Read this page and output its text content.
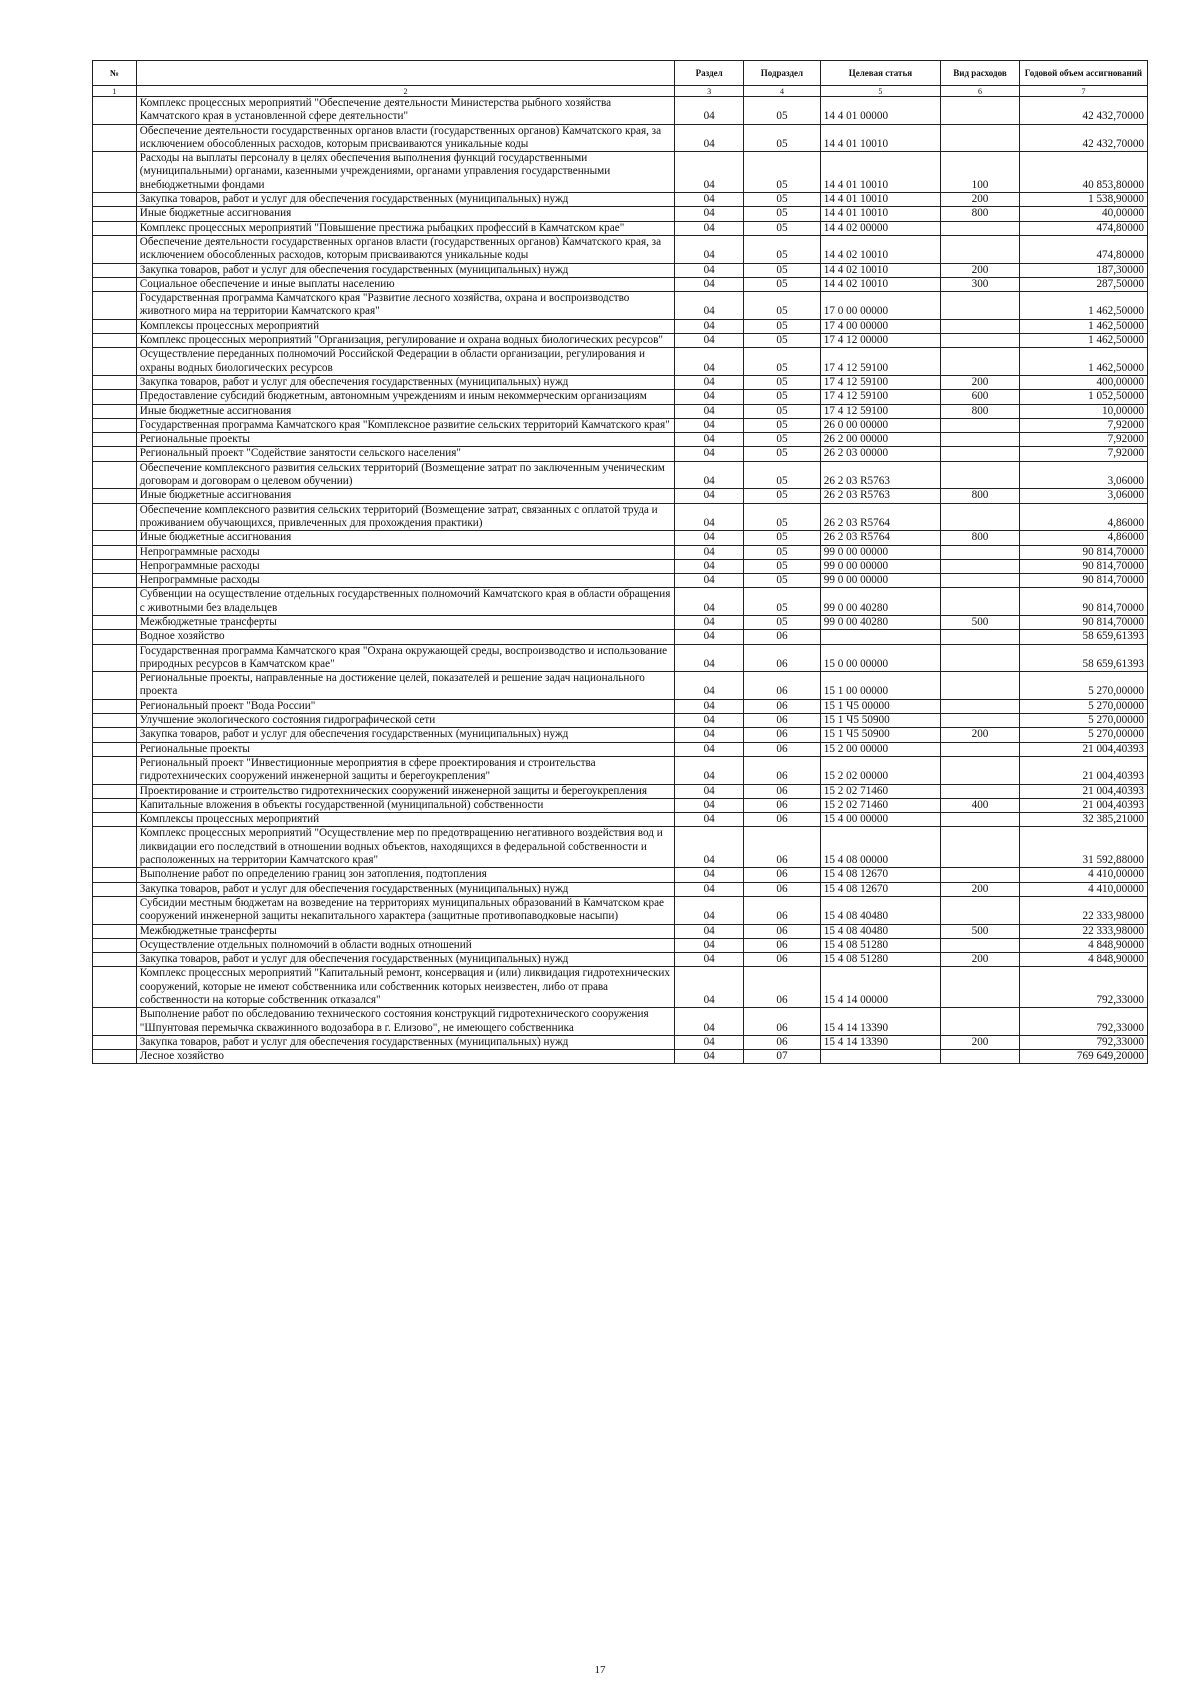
№		Раздел	Подраздел	Целевая статья	Вид расходов	Годовой объем ассигнований
1	2	3	4	5	6	7
	Комплекс процессных мероприятий "Обеспечение деятельности Министерства рыбного хозяйства Камчатского края в установленной сфере деятельности"	04	05	14 4 01 00000		42 432,70000
	Обеспечение деятельности государственных органов власти (государственных органов) Камчатского края, за исключением обособленных расходов, которым присваиваются уникальные коды	04	05	14 4 01 10010		42 432,70000
	Расходы на выплаты персоналу в целях обеспечения выполнения функций государственными (муниципальными) органами, казенными учреждениями, органами управления государственными внебюджетными фондами	04	05	14 4 01 10010	100	40 853,80000
	Закупка товаров, работ и услуг для обеспечения государственных (муниципальных) нужд	04	05	14 4 01 10010	200	1 538,90000
	Иные бюджетные ассигнования	04	05	14 4 01 10010	800	40,00000
	Комплекс процессных мероприятий "Повышение престижа рыбацких профессий в Камчатском крае"	04	05	14 4 02 00000		474,80000
	Обеспечение деятельности государственных органов власти (государственных органов) Камчатского края, за исключением обособленных расходов, которым присваиваются уникальные коды	04	05	14 4 02 10010		474,80000
	Закупка товаров, работ и услуг для обеспечения государственных (муниципальных) нужд	04	05	14 4 02 10010	200	187,30000
	Социальное обеспечение и иные выплаты населению	04	05	14 4 02 10010	300	287,50000
	Государственная программа Камчатского края "Развитие лесного хозяйства, охрана и воспроизводство животного мира на территории Камчатского края"	04	05	17 0 00 00000		1 462,50000
	Комплексы процессных мероприятий	04	05	17 4 00 00000		1 462,50000
	Комплекс процессных мероприятий "Организация, регулирование и охрана водных биологических ресурсов"	04	05	17 4 12 00000		1 462,50000
	Осуществление переданных полномочий Российской Федерации в области организации, регулирования и охраны водных биологических ресурсов	04	05	17 4 12 59100		1 462,50000
	Закупка товаров, работ и услуг для обеспечения государственных (муниципальных) нужд	04	05	17 4 12 59100	200	400,00000
	Предоставление субсидий бюджетным, автономным учреждениям и иным некоммерческим организациям	04	05	17 4 12 59100	600	1 052,50000
	Иные бюджетные ассигнования	04	05	17 4 12 59100	800	10,00000
	Государственная программа Камчатского края "Комплексное развитие сельских территорий Камчатского края"	04	05	26 0 00 00000		7,92000
	Региональные проекты	04	05	26 2 00 00000		7,92000
	Региональный проект "Содействие занятости сельского населения"	04	05	26 2 03 00000		7,92000
	Обеспечение комплексного развития сельских территорий (Возмещение затрат по заключенным ученическим договорам и договорам о целевом обучении)	04	05	26 2 03 R5763		3,06000
	Иные бюджетные ассигнования	04	05	26 2 03 R5763	800	3,06000
	Обеспечение комплексного развития сельских территорий (Возмещение затрат, связанных с оплатой труда и проживанием обучающихся, привлеченных для прохождения практики)	04	05	26 2 03 R5764		4,86000
	Иные бюджетные ассигнования	04	05	26 2 03 R5764	800	4,86000
	Непрограммные расходы	04	05	99 0 00 00000		90 814,70000
	Непрограммные расходы	04	05	99 0 00 00000		90 814,70000
	Непрограммные расходы	04	05	99 0 00 00000		90 814,70000
	Субвенции на осуществление отдельных государственных полномочий Камчатского края в области обращения с животными без владельцев	04	05	99 0 00 40280		90 814,70000
	Межбюджетные трансферты	04	05	99 0 00 40280	500	90 814,70000
	Водное хозяйство	04	06			58 659,61393
	Государственная программа Камчатского края "Охрана окружающей среды, воспроизводство и использование природных ресурсов в Камчатском крае"	04	06	15 0 00 00000		58 659,61393
	Региональные проекты, направленные на достижение целей, показателей и решение задач национального проекта	04	06	15 1 00 00000		5 270,00000
	Региональный проект "Вода России"	04	06	15 1 Ч5 00000		5 270,00000
	Улучшение экологического состояния гидрографической сети	04	06	15 1 Ч5 50900		5 270,00000
	Закупка товаров, работ и услуг для обеспечения государственных (муниципальных) нужд	04	06	15 1 Ч5 50900	200	5 270,00000
	Региональные проекты	04	06	15 2 00 00000		21 004,40393
	Региональный проект "Инвестиционные мероприятия в сфере проектирования и строительства гидротехнических сооружений инженерной защиты и берегоукрепления"	04	06	15 2 02 00000		21 004,40393
	Проектирование и строительство гидротехнических сооружений инженерной защиты и берегоукрепления	04	06	15 2 02 71460		21 004,40393
	Капитальные вложения в объекты государственной (муниципальной) собственности	04	06	15 2 02 71460	400	21 004,40393
	Комплексы процессных мероприятий	04	06	15 4 00 00000		32 385,21000
	Комплекс процессных мероприятий "Осуществление мер по предотвращению негативного воздействия вод и ликвидации его последствий в отношении водных объектов, находящихся в федеральной собственности и расположенных на территории Камчатского края"	04	06	15 4 08 00000		31 592,88000
	Выполнение работ по определению границ зон затопления, подтопления	04	06	15 4 08 12670		4 410,00000
	Закупка товаров, работ и услуг для обеспечения государственных (муниципальных) нужд	04	06	15 4 08 12670	200	4 410,00000
	Субсидии местным бюджетам на возведение на территориях муниципальных образований в Камчатском крае сооружений инженерной защиты некапитального характера (защитные противопаводковые насыпи)	04	06	15 4 08 40480		22 333,98000
	Межбюджетные трансферты	04	06	15 4 08 40480	500	22 333,98000
	Осуществление отдельных полномочий в области водных отношений	04	06	15 4 08 51280		4 848,90000
	Закупка товаров, работ и услуг для обеспечения государственных (муниципальных) нужд	04	06	15 4 08 51280	200	4 848,90000
	Комплекс процессных мероприятий "Капитальный ремонт, консервация и (или) ликвидация гидротехнических сооружений, которые не имеют собственника или собственник которых неизвестен, либо от права собственности на которые собственник отказался"	04	06	15 4 14 00000		792,33000
	Выполнение работ по обследованию технического состояния конструкций гидротехнического сооружения "Шпунтовая перемычка скважинного водозабора в г. Елизово", не имеющего собственника	04	06	15 4 14 13390		792,33000
	Закупка товаров, работ и услуг для обеспечения государственных (муниципальных) нужд	04	06	15 4 14 13390	200	792,33000
	Лесное хозяйство	04	07			769 649,20000
17
